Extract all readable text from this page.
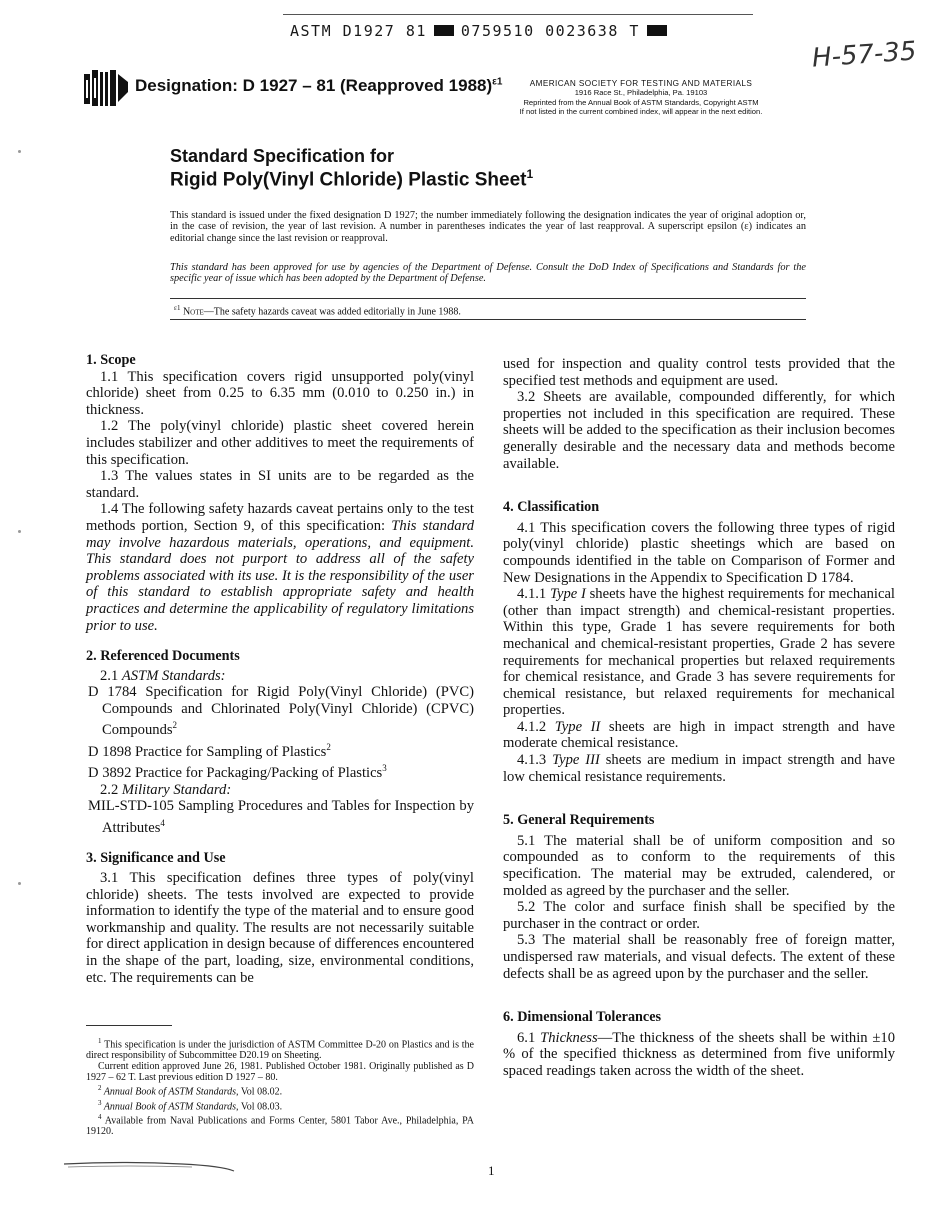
ASTM D1927 81 0759510 0023638 T
H-57-35
Designation: D 1927 – 81 (Reapproved 1988)$^{\varepsilon 1}$	AMERICAN SOCIETY FOR TESTING AND MATERIALS
1916 Race St., Philadelphia, Pa. 19103
Reprinted from the Annual Book of ASTM Standards, Copyright ASTM
If not listed in the current combined index, will appear in the next edition.
Standard Specification for
Rigid Poly(Vinyl Chloride) Plastic Sheet$^1$
This standard is issued under the fixed designation D 1927; the number immediately following the designation indicates the year of original adoption or, in the case of revision, the year of last revision. A number in parentheses indicates the year of last reapproval. A superscript epsilon (ε) indicates an editorial change since the last revision or reapproval.
This standard has been approved for use by agencies of the Department of Defense. Consult the DoD Index of Specifications and Standards for the specific year of issue which has been adopted by the Department of Defense.
$^{\varepsilon 1}$ Note—The safety hazards caveat was added editorially in June 1988.
1. Scope

1.1 This specification covers rigid unsupported poly(vinyl chloride) sheet from 0.25 to 6.35 mm (0.010 to 0.250 in.) in thickness.

1.2 The poly(vinyl chloride) plastic sheet covered herein includes stabilizer and other additives to meet the requirements of this specification.

1.3 The values states in SI units are to be regarded as the standard.

1.4 The following safety hazards caveat pertains only to the test methods portion, Section 9, of this specification: This standard may involve hazardous materials, operations, and equipment. This standard does not purport to address all of the safety problems associated with its use. It is the responsibility of the user of this standard to establish appropriate safety and health practices and determine the applicability of regulatory limitations prior to use.

2. Referenced Documents

2.1 ASTM Standards:

D 1784 Specification for Rigid Poly(Vinyl Chloride) (PVC) Compounds and Chlorinated Poly(Vinyl Chloride) (CPVC) Compounds$^2$

D 1898 Practice for Sampling of Plastics$^2$

D 3892 Practice for Packaging/Packing of Plastics$^3$

2.2 Military Standard:

MIL-STD-105 Sampling Procedures and Tables for Inspection by Attributes$^4$

3. Significance and Use

3.1 This specification defines three types of poly(vinyl chloride) sheets. The tests involved are expected to provide information to identify the type of the material and to ensure good workmanship and quality. The results are not necessarily suitable for direct application in design because of differences encountered in the shape of the part, loading, size, environmental conditions, etc. The requirements can be

$^1$ This specification is under the jurisdiction of ASTM Committee D-20 on Plastics and is the direct responsibility of Subcommittee D20.19 on Sheeting.

Current edition approved June 26, 1981. Published October 1981. Originally published as D 1927 – 62 T. Last previous edition D 1927 – 80.

$^2$ Annual Book of ASTM Standards, Vol 08.02.

$^3$ Annual Book of ASTM Standards, Vol 08.03.

$^4$ Available from Naval Publications and Forms Center, 5801 Tabor Ave., Philadelphia, PA 19120.

used for inspection and quality control tests provided that the specified test methods and equipment are used.

3.2 Sheets are available, compounded differently, for which properties not included in this specification are required. These sheets will be added to the specification as their inclusion becomes generally desirable and the necessary data and methods become available.

4. Classification

4.1 This specification covers the following three types of rigid poly(vinyl chloride) plastic sheetings which are based on compounds identified in the table on Comparison of Former and New Designations in the Appendix to Specification D 1784.

4.1.1 Type I sheets have the highest requirements for mechanical (other than impact strength) and chemical-resistant properties. Within this type, Grade 1 has severe requirements for both mechanical and chemical-resistant properties, Grade 2 has severe requirements for mechanical properties but relaxed requirements for chemical resistance, and Grade 3 has severe requirements for chemical resistance, but relaxed requirements for mechanical properties.

4.1.2 Type II sheets are high in impact strength and have moderate chemical resistance.

4.1.3 Type III sheets are medium in impact strength and have low chemical resistance requirements.

5. General Requirements

5.1 The material shall be of uniform composition and so compounded as to conform to the requirements of this specification. The material may be extruded, calendered, or molded as agreed by the purchaser and the seller.

5.2 The color and surface finish shall be specified by the purchaser in the contract or order.

5.3 The material shall be reasonably free of foreign matter, undispersed raw materials, and visual defects. The extent of these defects shall be as agreed upon by the purchaser and the seller.

6. Dimensional Tolerances

6.1 Thickness—The thickness of the sheets shall be within ±10 % of the specified thickness as determined from five uniformly spaced readings taken across the width of the sheet.

1
